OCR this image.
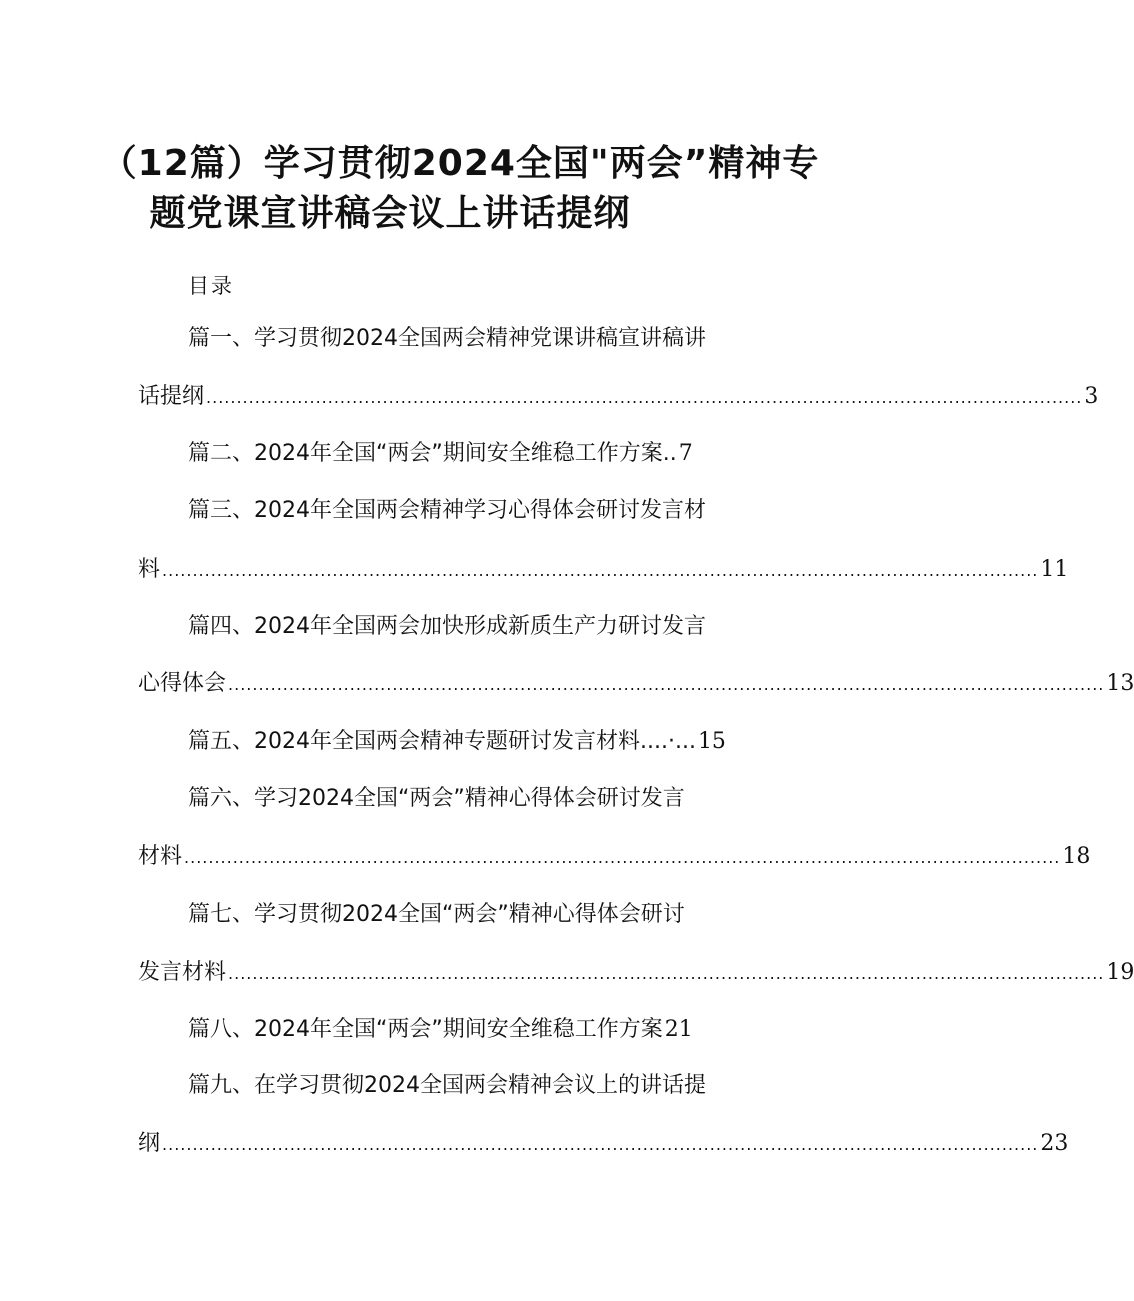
（12篇）学习贯彻2024全国"两会”精神专
题党课宣讲稿会议上讲话提纲
目录
篇一、学习贯彻2024全国两会精神党课讲稿宣讲稿讲
话提纲 ................................................................................................................................................ 3
篇二、2024年全国“两会”期间安全维稳工作方案..7
篇三、2024年全国两会精神学习心得体会研讨发言材
料 ................................................................................................................................................ 11
篇四、2024年全国两会加快形成新质生产力研讨发言
心得体会 ................................................................................................................................................ 13
篇五、2024年全国两会精神专题研讨发言材料....·...15
篇六、学习2024全国“两会”精神心得体会研讨发言
材料 ................................................................................................................................................ 18
篇七、学习贯彻2024全国“两会”精神心得体会研讨
发言材料 ................................................................................................................................................ 19
篇八、2024年全国“两会”期间安全维稳工作方案21
篇九、在学习贯彻2024全国两会精神会议上的讲话提
纲 ................................................................................................................................................ 23
